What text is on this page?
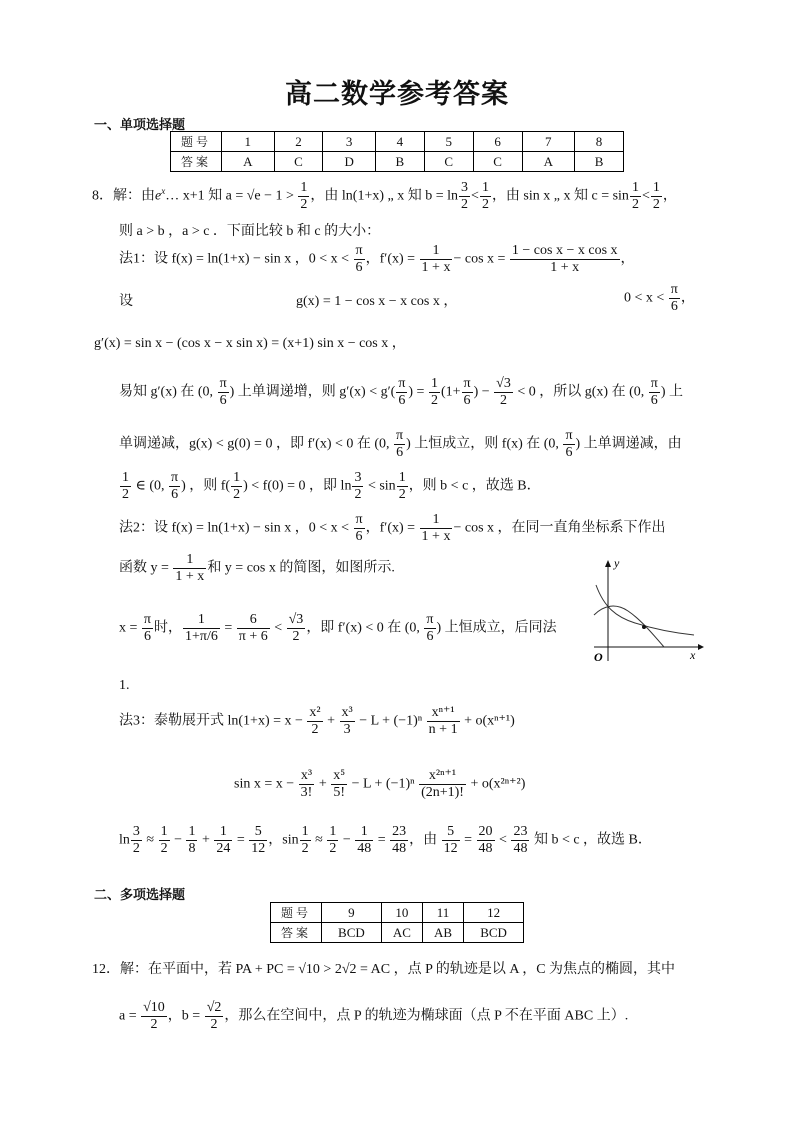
高二数学参考答案
一、单项选择题
题号	1	2	3	4	5	6	7	8
答案	A	C	D	B	C	C	A	B
8．解：由$e^x\dots$ x+1 知 $a = √e - 1 > \frac{1}{2}$ ，由 ln(1+x) „ x 知 $b = \ln \frac{3}{2} < \frac{1}{2}$ ，由 sin x „ x 知 $c = \sin \frac{1}{2} < \frac{1}{2}$ ，
则 a > b ，a > c ．下面比较 b 和 c 的大小：
法1：设 f(x) = ln(1+x) − sin x ，$0 < x < \frac{\pi}{6}$ ，$f'(x) = \frac{1}{1 + x} - \cos x = \frac{\text{1 − cos x − x cos x}}{1 + x}$ ，
设	g(x) = 1 − cos x − x cos x ，	$0 < x < \frac{\pi}{6}$ ，
g′(x) = sin x − (cos x − x sin x) = (x+1) sin x − cos x ，
易知 g′(x) 在 (0, $\frac{\pi}{6}$ ) 上单调递增，则 $g'(x) < g'( \frac{\pi}{6}$ ) = $\frac{1}{2} (1+ \frac{\pi}{6}$ ) − $\frac{√3}{2} < 0$ ，所以 g(x) 在 (0, $\frac{\pi}{6}$ ) 上
单调递减，g(x) < g(0) = 0 ，即 f′(x) < 0 在 (0, $\frac{\pi}{6}$ ) 上恒成立，则 f(x) 在 (0, $\frac{\pi}{6}$ ) 上单调递减，由
$\frac{1}{2}$ ∈ (0, $\frac{\pi}{6}$ ) ，则 $f( \frac{1}{2}$ ) < f(0) = 0 ，即 $\ln \frac{3}{2} < \sin \frac{1}{2}$ ，则 b < c ，故选 B．
法2：设 f(x) = ln(1+x) − sin x ，$0 < x < \frac{\pi}{6}$ ，$f'(x) = \frac{1}{1 + x} - \cos x$ ，在同一直角坐标系下作出
函数 $y = \frac{1}{1 + x}$ 和 y = cos x 的简图，如图所示.
$x = \frac{\pi}{6}$ 时， $\frac{1}{1+\pi/6} = \frac{6}{\pi + 6} < \frac{√3}{2}$ ，即 f′(x) < 0 在 (0, $\frac{\pi}{6}$ ) 上恒成立，后同法
1.
y
x
O
法3：泰勒展开式 $\ln(1+x) = x - \frac{\text{x²}}{2} + \frac{\text{x³}}{3} - L + (-1)^n \frac{\text{xⁿ⁺¹}}{n + 1} + o(x^{n+1})$
$\sin x = x - \frac{\text{x³}}{3!} + \frac{\text{x⁵}}{5!} - L + (-1)^n \frac{\text{x²ⁿ⁺¹}}{(2n+1)!} + o(x^{2n+2})$
$\ln \frac{3}{2} \approx \frac{1}{2} - \frac{1}{8} + \frac{1}{24} = \frac{5}{12}$ ，$\sin \frac{1}{2} \approx \frac{1}{2} - \frac{1}{48} = \frac{23}{48}$ ，由 $\frac{5}{12} = \frac{20}{48} < \frac{23}{48}$ 知 b < c ，故选 B．
二、多项选择题
题号	9	10	11	12
答案	BCD	AC	AB	BCD
12．解：在平面中，若 PA + PC = √10 > 2√2 = AC ，点 P 的轨迹是以 A ，C 为焦点的椭圆，其中
$a = \frac{√10}{2}$ ，$b = \frac{√2}{2}$ ，那么在空间中，点 P 的轨迹为椭球面（点 P 不在平面 ABC 上）.
